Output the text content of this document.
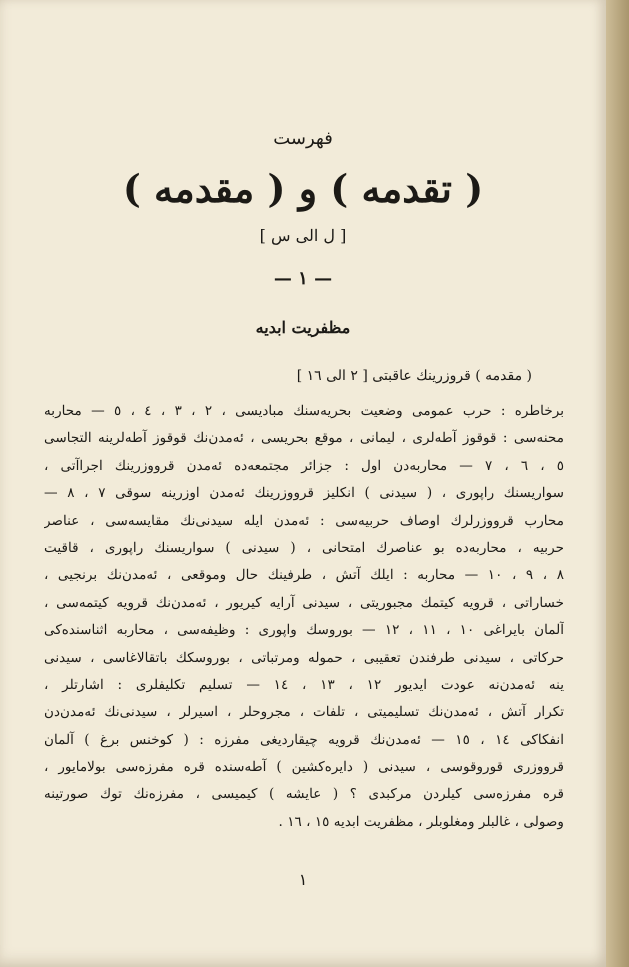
فهرست
( تقدمه ) و ( مقدمه )
[ ل الی س ]
— ١ —
مظفریت ابدیه
( مقدمه ) قروزرینك عاقبتی [ ٢ الی ١٦ ]
برخاطره : حرب عمومی وضعیت بحریه‌سنك مبادیسی ، ٢ ، ٣ ، ٤ ، ٥ — محاربه
محنه‌سی : قوقوز آطه‌لری ، لیمانی ، موقع بحریسی ، ئه‌مدن‌نك قوقوز آطه‌لرینه التجاسی
٥ ، ٦ ، ٧ — محاربه‌دن اول : جزائر مجتمعه‌ده ئه‌مدن قرووزرینك اجراآتی ،
سواریسنك راپوری ، ( سیدنی ) انکلیز قرووزرینك ئه‌مدن اوزرینه سوقی ٧ ، ٨ —
محارب قرووزرلرك اوصاف حربیه‌سی : ئه‌مدن ایله سیدنی‌نك مقایسه‌سی ، عناصر
حربیه ، محاربه‌ده بو عناصرك امتحانی ، ( سیدنی ) سواریسنك راپوری ، قاقیت
٨ ، ٩ ، ١٠ — محاربه : ایلك آتش ، طرفینك حال وموقعی ، ئه‌مدن‌نك برنجیی ،
خساراتی ، قرویه کیتمك مجبوریتی ، سیدنی آرایه کیریور ، ئه‌مدن‌نك قرویه کیتمه‌سی ،
آلمان بایراغی ١٠ ، ١١ ، ١٢ — بوروسك واپوری : وظیفه‌سی ، محاربه اثناسنده‌کی
حرکاتی ، سیدنی طرفندن تعقیبی ، حموله ومرتباتی ، بوروسكك باتقالاغاسی ، سیدنی
ینه ئه‌مدن‌نه عودت ایدیور ١٢ ، ١٣ ، ١٤ — تسلیم تکلیفلری : اشارتلر ،
تکرار آتش ، ئه‌مدن‌نك تسلیمیتی ، تلفات ، مجروحلر ، اسیرلر ، سیدنی‌نك ئه‌مدن‌دن
انفکاکی ١٤ ، ١٥ — ئه‌مدن‌نك قرویه چیقاردیغی مفرزه : ( کوخنس برغ ) آلمان
قرووزری قوروقوسی ، سیدنی ( دایره‌کشین ) آطه‌سنده قره مفرزه‌سی بولامایور ،
قره مفرزه‌سی کیلردن مرکبدی ؟ ( عایشه ) کیمیسی ، مفرزه‌نك توك صورتینه
وصولی ، غالبلر ومغلوبلر ، مظفریت ابدیه ١٥ ، ١٦ .
١
